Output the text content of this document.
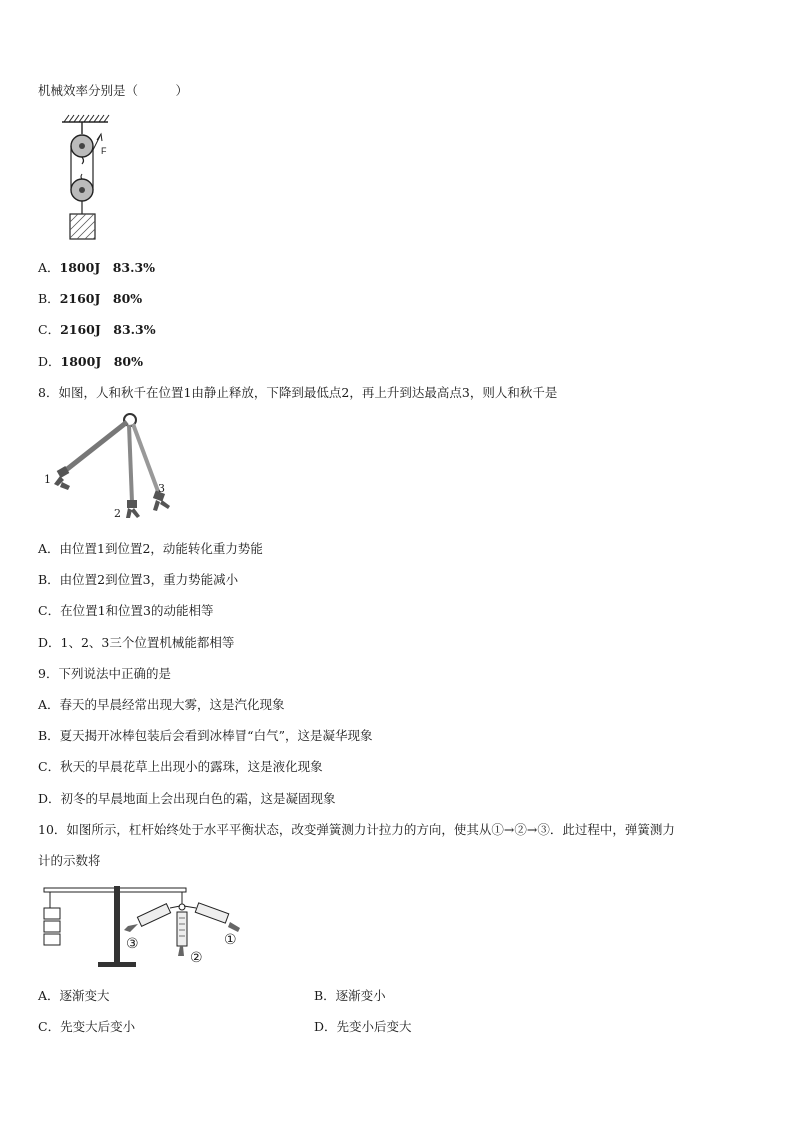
机械效率分别是（　　　）
F
A．1800J　83.3%
B．2160J　80%
C．2160J　83.3%
D．1800J　80%
8．如图，人和秋千在位置1由静止释放，下降到最低点2，再上升到达最高点3，则人和秋千是
1
2
3
A．由位置1到位置2，动能转化重力势能
B．由位置2到位置3，重力势能减小
C．在位置1和位置3的动能相等
D．1、2、3三个位置机械能都相等
9．下列说法中正确的是
A．春天的早晨经常出现大雾，这是汽化现象
B．夏天揭开冰棒包装后会看到冰棒冒“白气”，这是凝华现象
C．秋天的早晨花草上出现小的露珠，这是液化现象
D．初冬的早晨地面上会出现白色的霜，这是凝固现象
10．如图所示，杠杆始终处于水平平衡状态，改变弹簧测力计拉力的方向，使其从①→②→③．此过程中，弹簧测力
计的示数将
③
②
①
A．逐渐变大	B．逐渐变小
C．先变大后变小	D．先变小后变大
